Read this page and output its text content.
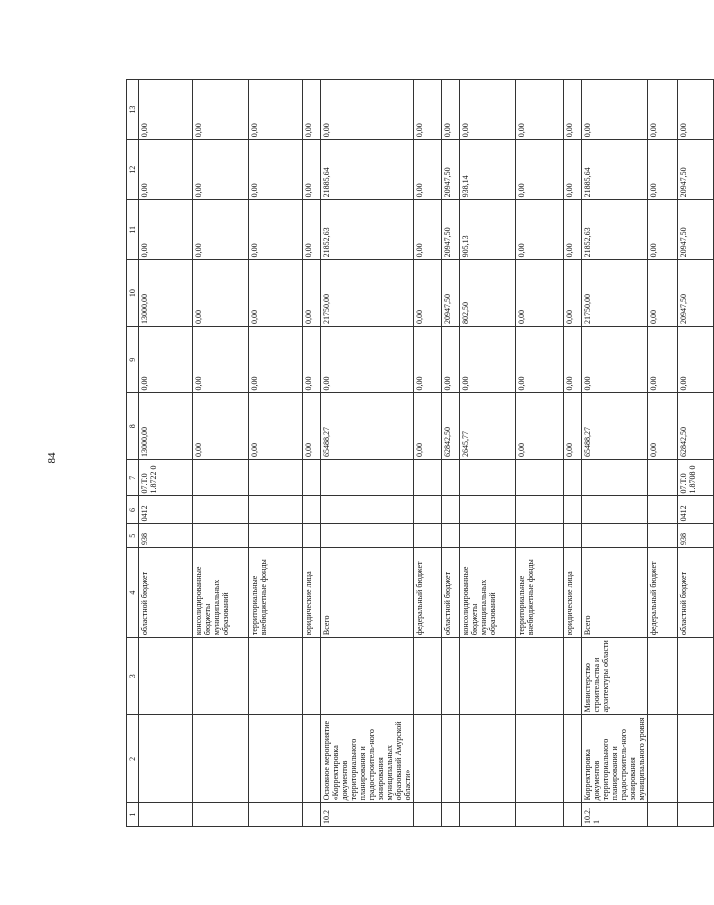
84
1	2	3	4	5	6	7	8	9	10	11	12	13
			областной бюджет	938	0412	07.Т.0 1.8722 0	13000,00	0,00	13000,00	0,00	0,00	0,00
			консолидированные бюджеты муниципальных образований				0,00	0,00	0,00	0,00	0,00	0,00
			территориальные внебюджетные фонды				0,00	0,00	0,00	0,00	0,00	0,00
			юридические лица				0,00	0,00	0,00	0,00	0,00	0,00
10.2	Основное мероприятие «Корректировка документов территориального планирования и градостроитель-ного зонирования муниципальных образований Амурской области»		Всего				65488,27	0,00	21750,00	21852,63	21885,64	0,00
			федеральный бюджет				0,00	0,00	0,00	0,00	0,00	0,00
			областной бюджет				62842,50	0,00	20947,50	20947,50	20947,50	0,00
			консолидированные бюджеты муниципальных образований				2645,77	0,00	802,50	905,13	938,14	0,00
			территориальные внебюджетные фонды				0,00	0,00	0,00	0,00	0,00	0,00
			юридические лица				0,00	0,00	0,00	0,00	0,00	0,00
10.2.1	Корректировка документов территориального планирования и градостроитель-ного зонирования муниципального уровня	Министерство строительства и архитектуры области	Всего				65488,27	0,00	21750,00	21852,63	21885,64	0,00
			федеральный бюджет				0,00	0,00	0,00	0,00	0,00	0,00
			областной бюджет	938	0412	07.Т.0 1.8708 0	62842,50	0,00	20947,50	20947,50	20947,50	0,00
